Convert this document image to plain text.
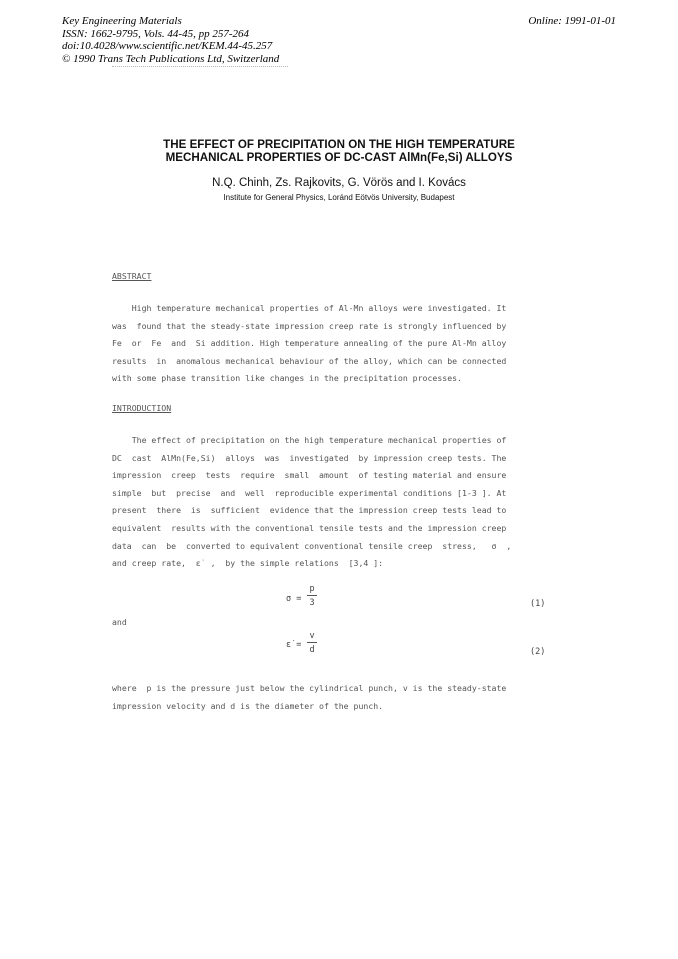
Key Engineering Materials
ISSN: 1662-9795, Vols. 44-45, pp 257-264
doi:10.4028/www.scientific.net/KEM.44-45.257
© 1990 Trans Tech Publications Ltd, Switzerland
Online: 1991-01-01
THE EFFECT OF PRECIPITATION ON THE HIGH TEMPERATURE
MECHANICAL PROPERTIES OF DC-CAST AlMn(Fe,Si) ALLOYS
N.Q. Chinh, Zs. Rajkovits, G. Vörös and I. Kovács
Institute for General Physics, Loránd Eötvös University, Budapest
ABSTRACT
High temperature mechanical properties of Al-Mn alloys were investigated. It
was  found that the steady-state impression creep rate is strongly influenced by
Fe  or  Fe  and  Si addition. High temperature annealing of the pure Al-Mn alloy
results  in  anomalous mechanical behaviour of the alloy, which can be connected
with some phase transition like changes in the precipitation processes.
INTRODUCTION
The effect of precipitation on the high temperature mechanical properties of
DC  cast  AlMn(Fe,Si)  alloys  was  investigated  by impression creep tests. The
impression  creep  tests  require  small  amount  of testing material and ensure
simple  but  precise  and  well  reproducible experimental conditions [1-3 ]. At
present  there  is  sufficient  evidence that the impression creep tests lead to
equivalent  results with the conventional tensile tests and the impression creep
data  can  be  converted to equivalent conventional tensile creep  stress,   σ  ,
and creep rate,  ε̇  ,  by the simple relations  [3,4 ]:
σ =
p
3	(1)
and
ε̇ =
v
d	(2)
where  p is the pressure just below the cylindrical punch, v is the steady-state
impression velocity and d is the diameter of the punch.
